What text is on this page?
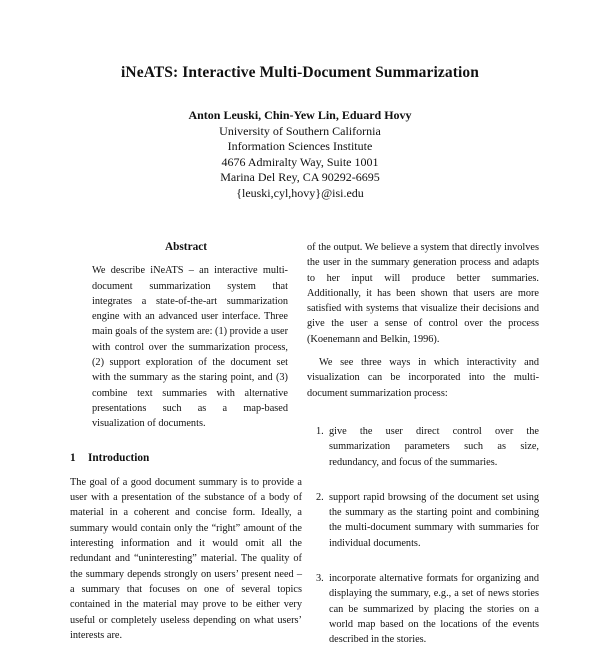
iNeATS: Interactive Multi-Document Summarization
Anton Leuski, Chin-Yew Lin, Eduard Hovy
University of Southern California
Information Sciences Institute
4676 Admiralty Way, Suite 1001
Marina Del Rey, CA 90292-6695
{leuski,cyl,hovy}@isi.edu
Abstract

We describe iNeATS – an interactive multi-document summarization system that integrates a state-of-the-art summarization engine with an advanced user interface. Three main goals of the system are: (1) provide a user with control over the summarization process, (2) support exploration of the document set with the summary as the staring point, and (3) combine text summaries with alternative presentations such as a map-based visualization of documents.

1 Introduction

The goal of a good document summary is to provide a user with a presentation of the substance of a body of material in a coherent and concise form. Ideally, a summary would contain only the “right” amount of the interesting information and it would omit all the redundant and “uninteresting” material. The quality of the summary depends strongly on users’ present need – a summary that focuses on one of several topics contained in the material may prove to be either very useful or completely useless depending on what users’ interests are.

of the output. We believe a system that directly involves the user in the summary generation process and adapts to her input will produce better summaries. Additionally, it has been shown that users are more satisfied with systems that visualize their decisions and give the user a sense of control over the process (Koenemann and Belkin, 1996).

We see three ways in which interactivity and visualization can be incorporated into the multi-document summarization process:

1. give the user direct control over the summarization parameters such as size, redundancy, and focus of the summaries.
2. support rapid browsing of the document set using the summary as the starting point and combining the multi-document summary with summaries for individual documents.
3. incorporate alternative formats for organizing and displaying the summary, e.g., a set of news stories can be summarized by placing the stories on a world map based on the locations of the events described in the stories.
